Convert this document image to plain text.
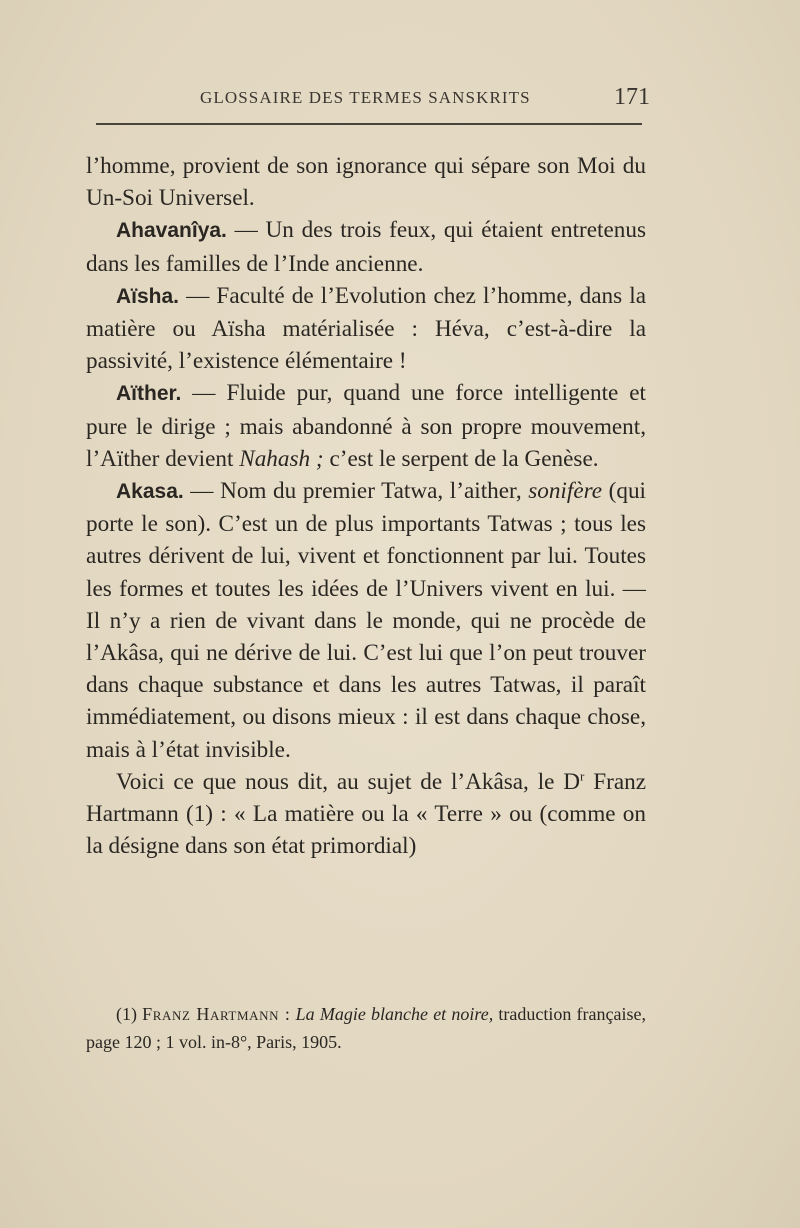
GLOSSAIRE DES TERMES SANSKRITS	171

l’homme, provient de son ignorance qui sépare son Moi du Un-Soi Universel.

Ahavanîya. — Un des trois feux, qui étaient entretenus dans les familles de l’Inde ancienne.

Aïsha. — Faculté de l’Evolution chez l’homme, dans la matière ou Aïsha matérialisée : Héva, c’est-à-dire la passivité, l’existence élémentaire !

Aïther. — Fluide pur, quand une force intelligente et pure le dirige ; mais abandonné à son propre mouvement, l’Aïther devient Nahash ; c’est le serpent de la Genèse.

Akasa. — Nom du premier Tatwa, l’aither, sonifère (qui porte le son). C’est un de plus importants Tatwas ; tous les autres dérivent de lui, vivent et fonctionnent par lui. Toutes les formes et toutes les idées de l’Univers vivent en lui. — Il n’y a rien de vivant dans le monde, qui ne procède de l’Akâsa, qui ne dérive de lui. C’est lui que l’on peut trouver dans chaque substance et dans les autres Tatwas, il paraît immédiatement, ou disons mieux : il est dans chaque chose, mais à l’état invisible.

Voici ce que nous dit, au sujet de l’Akâsa, le $D^r$ Franz Hartmann (1) : « La matière ou la « Terre » ou (comme on la désigne dans son état primordial)

(1) Franz Hartmann : La Magie blanche et noire, traduction française, page 120 ; 1 vol. in-8°, Paris, 1905.
